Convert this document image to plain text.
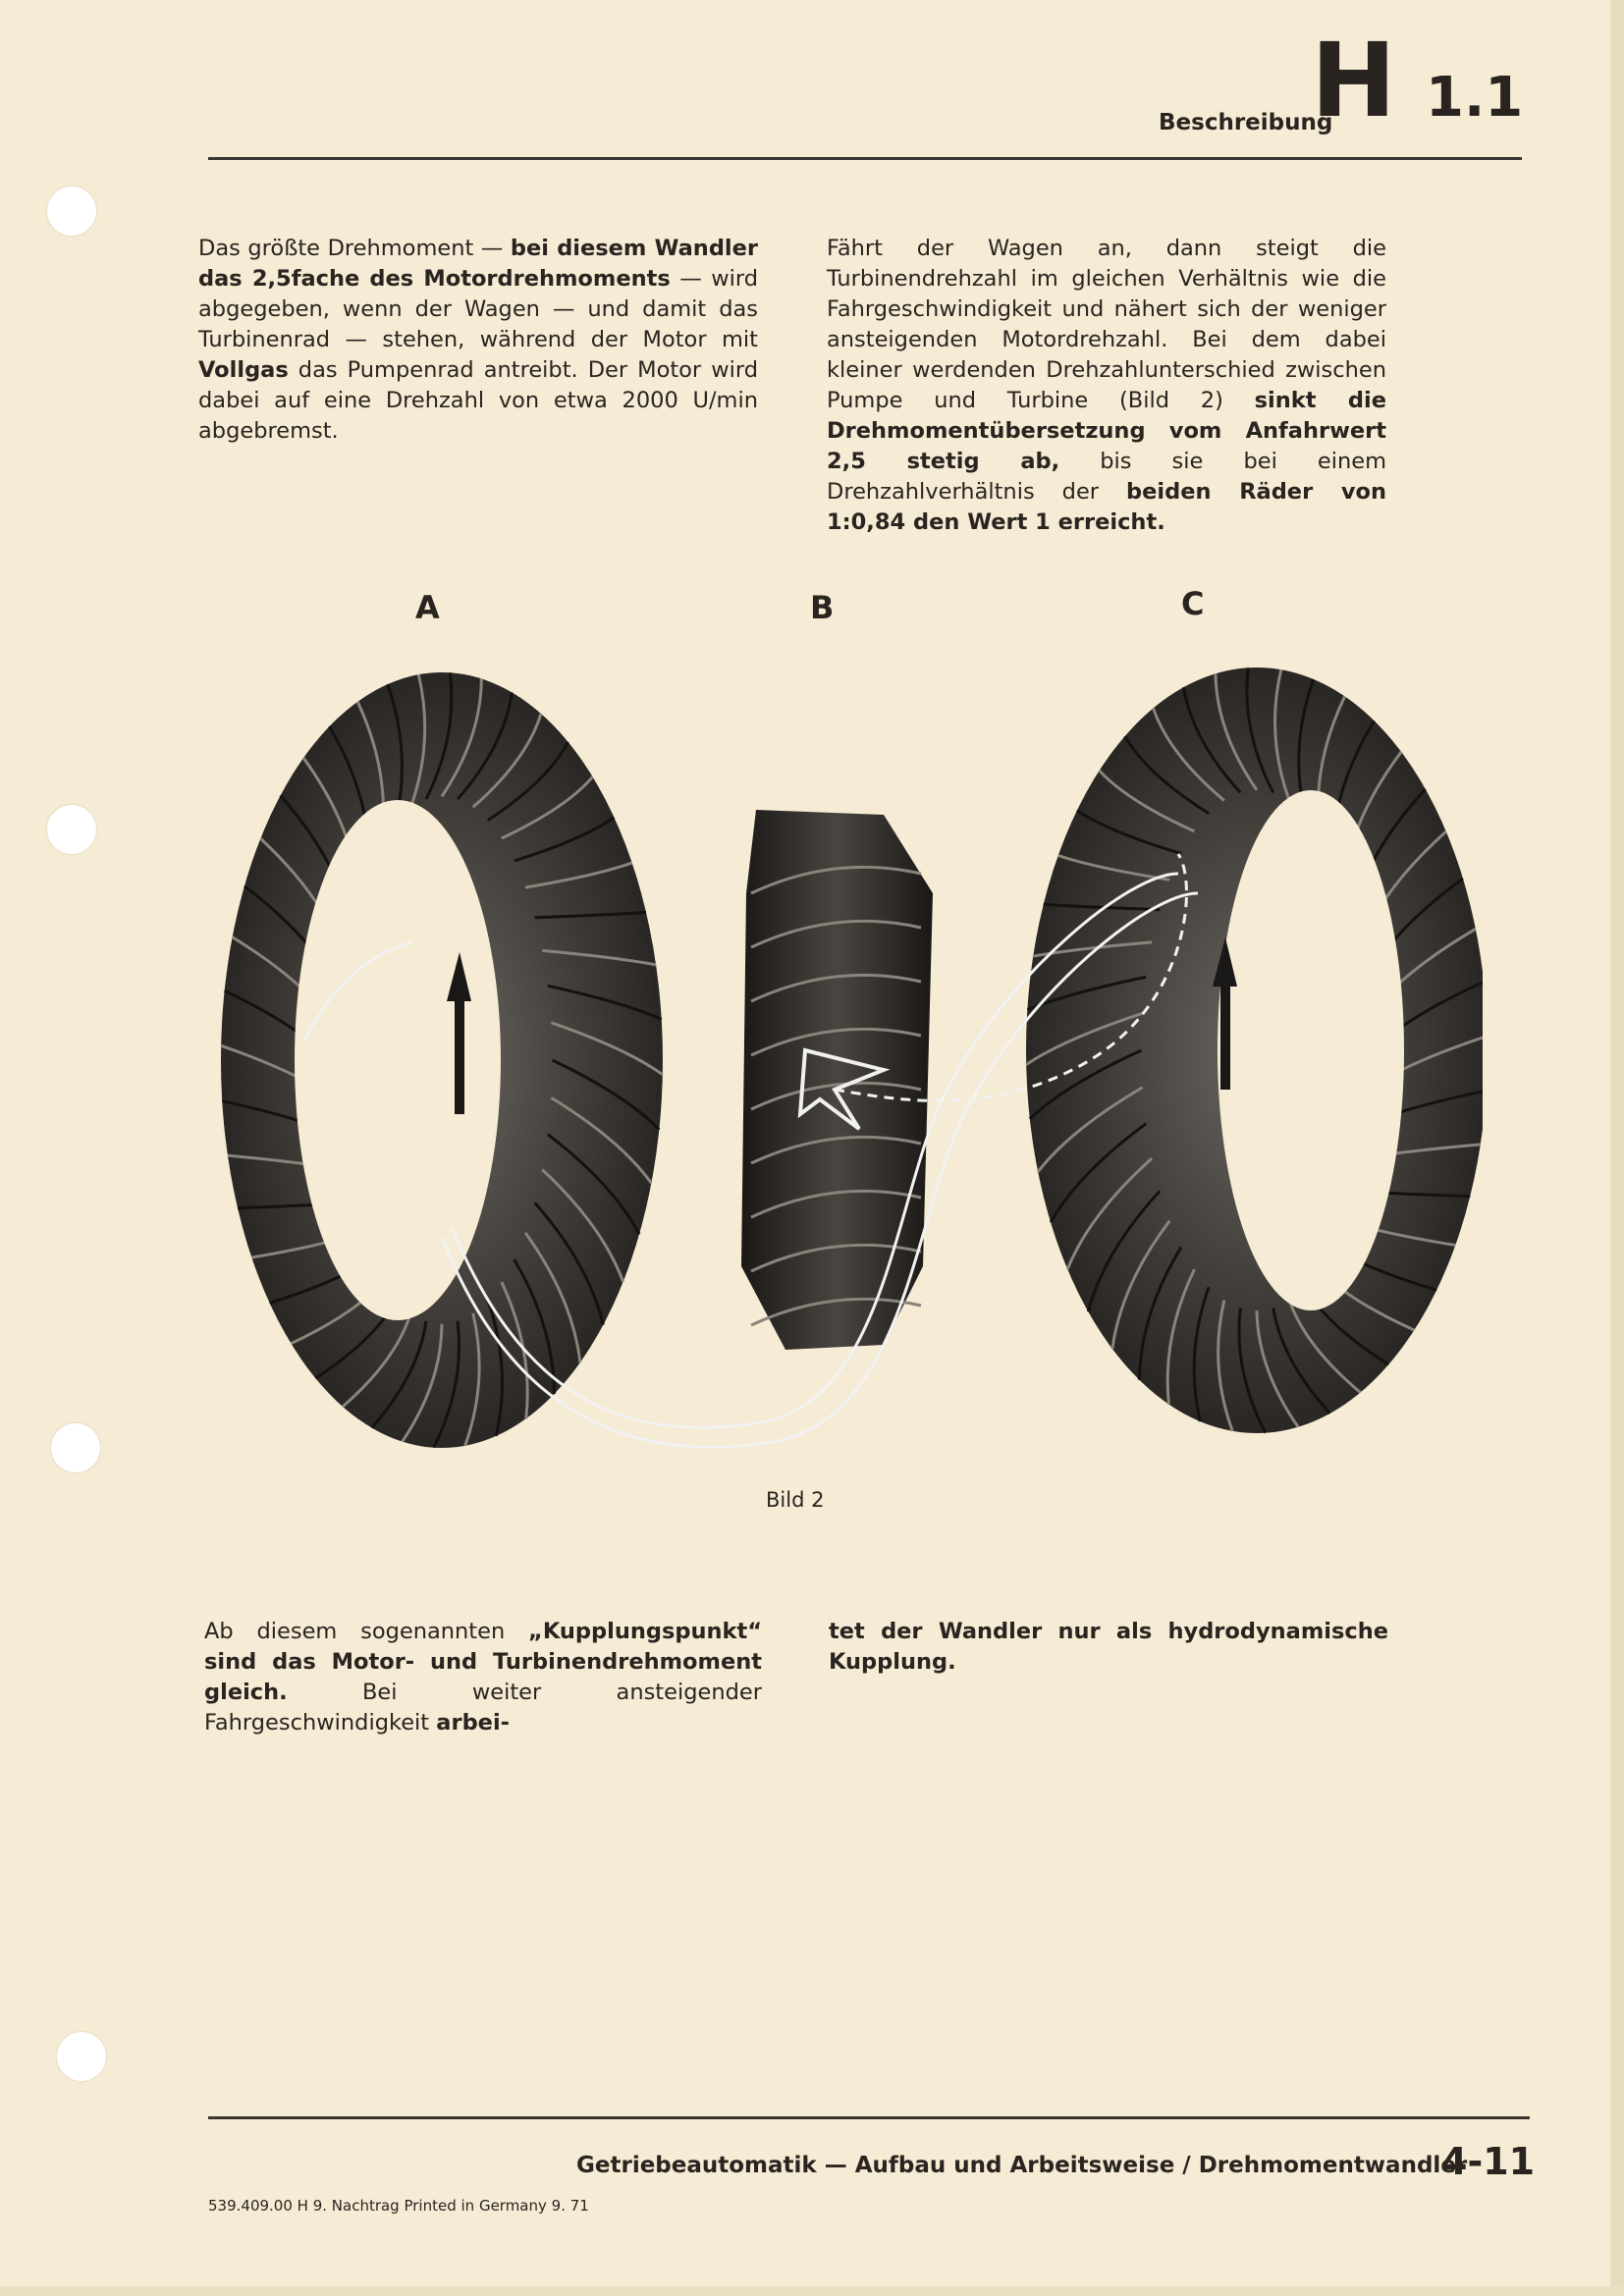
Beschreibung
H 1.1
Das größte Drehmoment — bei diesem Wandler das 2,5fache des Motordrehmoments — wird abgegeben, wenn der Wagen — und damit das Turbinenrad — stehen, während der Motor mit Vollgas das Pumpenrad antreibt. Der Motor wird dabei auf eine Drehzahl von etwa 2000 U/min abgebremst.
Fährt der Wagen an, dann steigt die Turbinendrehzahl im gleichen Verhältnis wie die Fahrgeschwindigkeit und nähert sich der weniger ansteigenden Motordrehzahl. Bei dem dabei kleiner werdenden Drehzahlunterschied zwischen Pumpe und Turbine (Bild 2) sinkt die Drehmomentübersetzung vom Anfahrwert 2,5 stetig ab, bis sie bei einem Drehzahlverhältnis der beiden Räder von 1:0,84 den Wert 1 erreicht.
A	B	C
Bild 2
Ab diesem sogenannten „Kupplungspunkt“ sind das Motor- und Turbinendrehmoment gleich. Bei weiter ansteigender Fahrgeschwindigkeit arbei-
tet der Wandler nur als hydrodynamische Kupplung.
Getriebeautomatik — Aufbau und Arbeitsweise / Drehmomentwandler
4-11
539.409.00 H 9. Nachtrag Printed in Germany 9. 71
